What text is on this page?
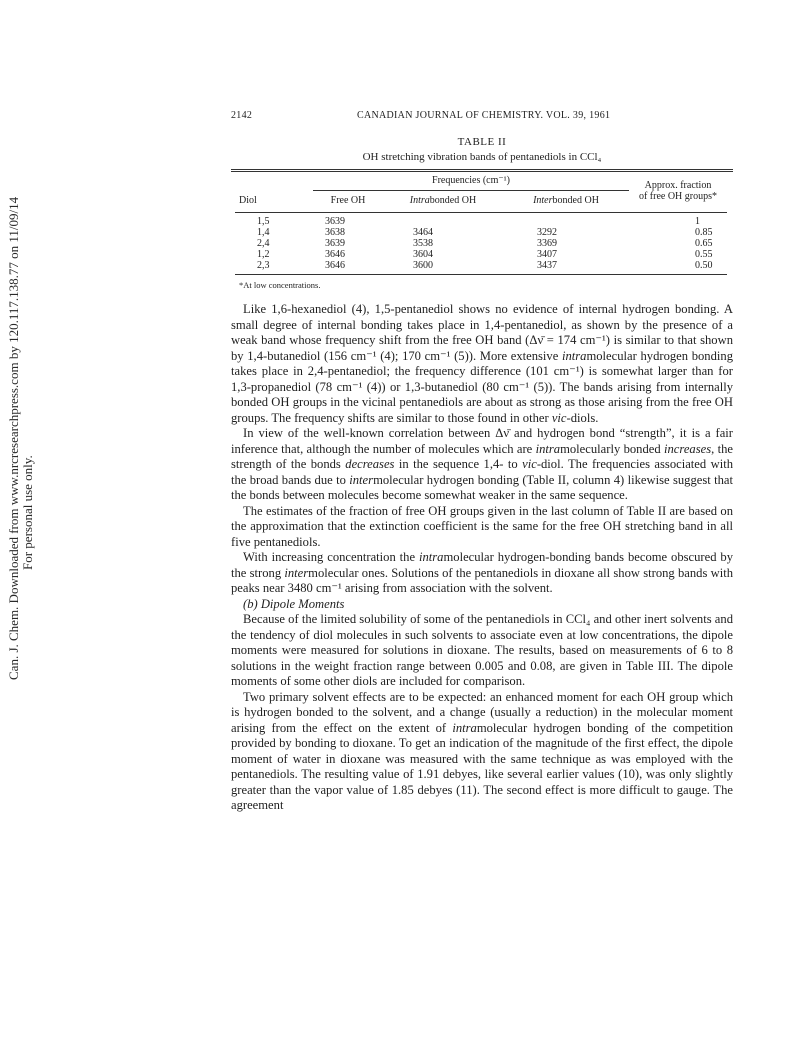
Can. J. Chem. Downloaded from www.nrcresearchpress.com by 120.117.138.77 on 11/09/14 For personal use only.
2142	CANADIAN JOURNAL OF CHEMISTRY. VOL. 39, 1961
TABLE II
OH stretching vibration bands of pentanediols in CCl₄
	Frequencies (cm⁻¹)			Approx. fraction
of free OH groups*

Diol	Free OH	Intrabonded OH	Interbonded OH	

1,5	3639			1
1,4	3638	3464	3292	0.85
2,4	3639	3538	3369	0.65
1,2	3646	3604	3407	0.55
2,3	3646	3600	3437	0.50

*At low concentrations.

Like 1,6-hexanediol (4), 1,5-pentanediol shows no evidence of internal hydrogen bonding. A small degree of internal bonding takes place in 1,4-pentanediol, as shown by the presence of a weak band whose frequency shift from the free OH band (Δν̄ = 174 cm⁻¹) is similar to that shown by 1,4-butanediol (156 cm⁻¹ (4); 170 cm⁻¹ (5)). More extensive intramolecular hydrogen bonding takes place in 2,4-pentanediol; the frequency difference (101 cm⁻¹) is somewhat larger than for 1,3-propanediol (78 cm⁻¹ (4)) or 1,3-butanediol (80 cm⁻¹ (5)). The bands arising from internally bonded OH groups in the vicinal pentanediols are about as strong as those arising from the free OH groups. The frequency shifts are similar to those found in other vic-diols.

In view of the well-known correlation between Δν̄ and hydrogen bond “strength”, it is a fair inference that, although the number of molecules which are intramolecularly bonded increases, the strength of the bonds decreases in the sequence 1,4- to vic-diol. The frequencies associated with the broad bands due to intermolecular hydrogen bonding (Table II, column 4) likewise suggest that the bonds between molecules become somewhat weaker in the same sequence.

The estimates of the fraction of free OH groups given in the last column of Table II are based on the approximation that the extinction coefficient is the same for the free OH stretching band in all five pentanediols.

With increasing concentration the intramolecular hydrogen-bonding bands become obscured by the strong intermolecular ones. Solutions of the pentanediols in dioxane all show strong bands with peaks near 3480 cm⁻¹ arising from association with the solvent.

(b) Dipole Moments

Because of the limited solubility of some of the pentanediols in CCl₄ and other inert solvents and the tendency of diol molecules in such solvents to associate even at low concentrations, the dipole moments were measured for solutions in dioxane. The results, based on measurements of 6 to 8 solutions in the weight fraction range between 0.005 and 0.08, are given in Table III. The dipole moments of some other diols are included for comparison.

Two primary solvent effects are to be expected: an enhanced moment for each OH group which is hydrogen bonded to the solvent, and a change (usually a reduction) in the molecular moment arising from the effect on the extent of intramolecular hydrogen bonding of the competition provided by bonding to dioxane. To get an indication of the magnitude of the first effect, the dipole moment of water in dioxane was measured with the same technique as was employed with the pentanediols. The resulting value of 1.91 debyes, like several earlier values (10), was only slightly greater than the vapor value of 1.85 debyes (11). The second effect is more difficult to gauge. The agreement
